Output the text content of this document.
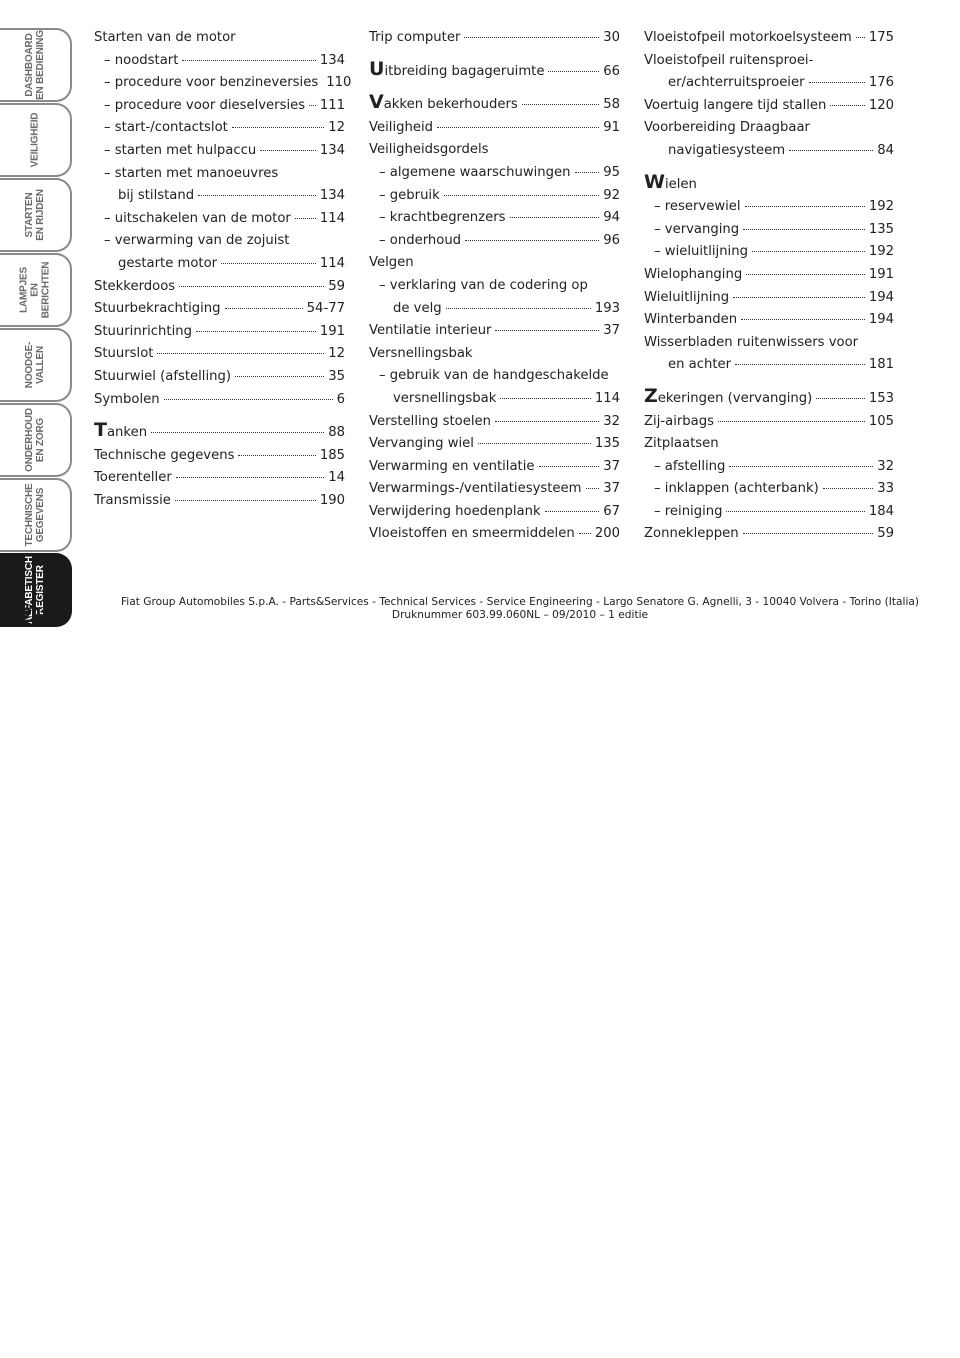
DASHBOARD
EN BEDIENING
VEILIGHEID
STARTEN
EN RIJDEN
LAMPJES
EN BERICHTEN
NOODGE-
VALLEN
ONDERHOUD
EN ZORG
TECHNISCHE
GEGEVENS
ALFABETISCH
REGISTER
210
Starten van de motor
– noodstart	134
– procedure voor benzineversies 110
– procedure voor dieselversies 111
– start-/contactslot	12
– starten met hulpaccu	134
– starten met manoeuvres
bij stilstand	134
– uitschakelen van de motor 114
– verwarming van de zojuist
gestarte motor	114
Stekkerdoos	59
Stuurbekrachtiging	54-77
Stuurinrichting	191
Stuurslot	12
Stuurwiel (afstelling)	35
Symbolen	6
Tanken	88
Technische gegevens	185
Toerenteller	14
Transmissie	190
Trip computer	30
Uitbreiding bagageruimte	66
Vakken bekerhouders	58
Veiligheid	91
Veiligheidsgordels
– algemene waarschuwingen 95
– gebruik	92
– krachtbegrenzers	94
– onderhoud	96
Velgen
– verklaring van de codering op
de velg	193
Ventilatie interieur	37
Versnellingsbak
– gebruik van de handgeschakelde
versnellingsbak	114
Verstelling stoelen	32
Vervanging wiel	135
Verwarming en ventilatie	37
Verwarmings-/ventilatiesysteem 37
Verwijdering hoedenplank	67
Vloeistoffen en smeermiddelen 200
Vloeistofpeil motorkoelsysteem 175
Vloeistofpeil ruitensproei-
er/achterruitsproeier	176
Voertuig langere tijd stallen	120
Voorbereiding Draagbaar
navigatiesysteem	84
Wielen
– reservewiel	192
– vervanging	135
– wieluitlijning	192
Wielophanging	191
Wieluitlijning	194
Winterbanden	194
Wisserbladen ruitenwissers voor
en achter	181
Zekeringen (vervanging)	153
Zij-airbags	105
Zitplaatsen
– afstelling	32
– inklappen (achterbank)	33
– reiniging	184
Zonnekleppen	59
Fiat Group Automobiles S.p.A. - Parts&Services - Technical Services - Service Engineering - Largo Senatore G. Agnelli, 3 - 10040 Volvera - Torino (Italia)
Druknummer 603.99.060NL – 09/2010 – 1 editie
